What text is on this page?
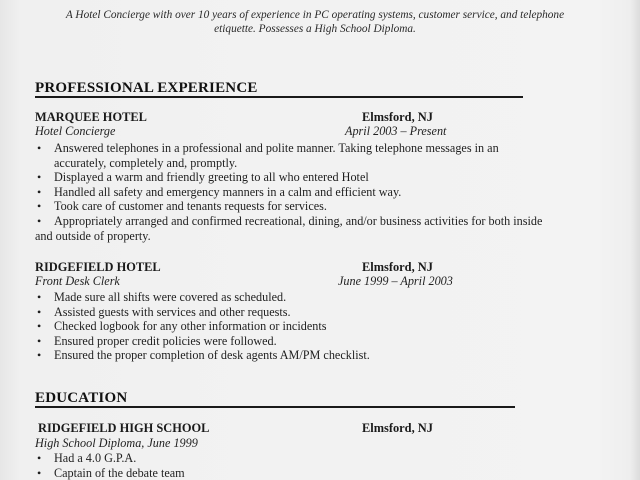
A Hotel Concierge with over 10 years of experience in PC operating systems, customer service, and telephone
etiquette. Possesses a High School Diploma.
PROFESSIONAL EXPERIENCE
MARQUEE HOTEL	Elmsford, NJ
Hotel Concierge	April 2003 – Present
• Answered telephones in a professional and polite manner. Taking telephone messages in an accurately, completely and, promptly.
• Displayed a warm and friendly greeting to all who entered Hotel
• Handled all safety and emergency manners in a calm and efficient way.
• Took care of customer and tenants requests for services.
• Appropriately arranged and confirmed recreational, dining, and/or business activities for both inside
and outside of property.
RIDGEFIELD HOTEL	Elmsford, NJ
Front Desk Clerk	June 1999 – April 2003
• Made sure all shifts were covered as scheduled.
• Assisted guests with services and other requests.
• Checked logbook for any other information or incidents
• Ensured proper credit policies were followed.
• Ensured the proper completion of desk agents AM/PM checklist.
EDUCATION
RIDGEFIELD HIGH SCHOOL	Elmsford, NJ
High School Diploma, June 1999
• Had a 4.0 G.P.A.
• Captain of the debate team
